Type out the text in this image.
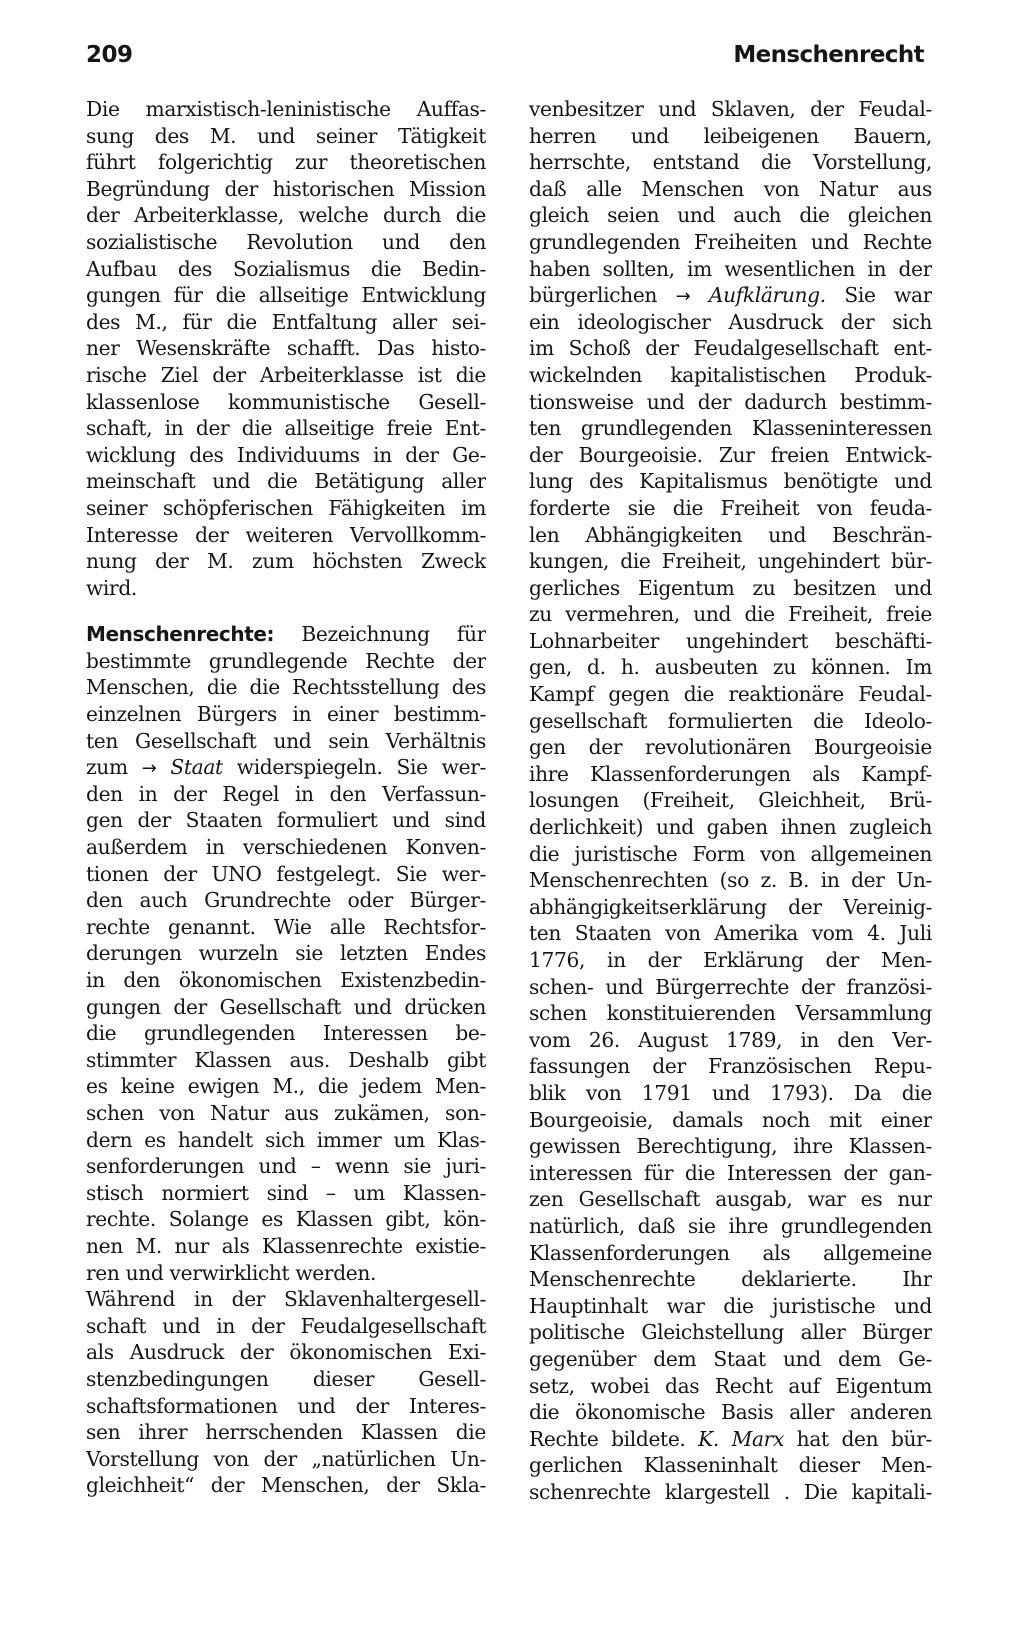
209	Menschenrecht
Die marxistisch-leninistische Auffas-
sung des M. und seiner Tätigkeit
führt folgerichtig zur theoretischen
Begründung der historischen Mission
der Arbeiterklasse, welche durch die
sozialistische Revolution und den
Aufbau des Sozialismus die Bedin-
gungen für die allseitige Entwicklung
des M., für die Entfaltung aller sei-
ner Wesenskräfte schafft. Das histo-
rische Ziel der Arbeiterklasse ist die
klassenlose kommunistische Gesell-
schaft, in der die allseitige freie Ent-
wicklung des Individuums in der Ge-
meinschaft und die Betätigung aller
seiner schöpferischen Fähigkeiten im
Interesse der weiteren Vervollkomm-
nung der M. zum höchsten Zweck
wird.
Menschenrechte: Bezeichnung für
bestimmte grundlegende Rechte der
Menschen, die die Rechtsstellung des
einzelnen Bürgers in einer bestimm-
ten Gesellschaft und sein Verhältnis
zum → Staat widerspiegeln. Sie wer-
den in der Regel in den Verfassun-
gen der Staaten formuliert und sind
außerdem in verschiedenen Konven-
tionen der UNO festgelegt. Sie wer-
den auch Grundrechte oder Bürger-
rechte genannt. Wie alle Rechtsfor-
derungen wurzeln sie letzten Endes
in den ökonomischen Existenzbedin-
gungen der Gesellschaft und drücken
die grundlegenden Interessen be-
stimmter Klassen aus. Deshalb gibt
es keine ewigen M., die jedem Men-
schen von Natur aus zukämen, son-
dern es handelt sich immer um Klas-
senforderungen und – wenn sie juri-
stisch normiert sind – um Klassen-
rechte. Solange es Klassen gibt, kön-
nen M. nur als Klassenrechte existie-
ren und verwirklicht werden.
Während in der Sklavenhaltergesell-
schaft und in der Feudalgesellschaft
als Ausdruck der ökonomischen Exi-
stenzbedingungen dieser Gesell-
schaftsformationen und der Interes-
sen ihrer herrschenden Klassen die
Vorstellung von der „natürlichen Un-
gleichheit“ der Menschen, der Skla-
venbesitzer und Sklaven, der Feudal-
herren und leibeigenen Bauern,
herrschte, entstand die Vorstellung,
daß alle Menschen von Natur aus
gleich seien und auch die gleichen
grundlegenden Freiheiten und Rechte
haben sollten, im wesentlichen in der
bürgerlichen → Aufklärung. Sie war
ein ideologischer Ausdruck der sich
im Schoß der Feudalgesellschaft ent-
wickelnden kapitalistischen Produk-
tionsweise und der dadurch bestimm-
ten grundlegenden Klasseninteressen
der Bourgeoisie. Zur freien Entwick-
lung des Kapitalismus benötigte und
forderte sie die Freiheit von feuda-
len Abhängigkeiten und Beschrän-
kungen, die Freiheit, ungehindert bür-
gerliches Eigentum zu besitzen und
zu vermehren, und die Freiheit, freie
Lohnarbeiter ungehindert beschäfti-
gen, d. h. ausbeuten zu können. Im
Kampf gegen die reaktionäre Feudal-
gesellschaft formulierten die Ideolo-
gen der revolutionären Bourgeoisie
ihre Klassenforderungen als Kampf-
losungen (Freiheit, Gleichheit, Brü-
derlichkeit) und gaben ihnen zugleich
die juristische Form von allgemeinen
Menschenrechten (so z. B. in der Un-
abhängigkeitserklärung der Vereinig-
ten Staaten von Amerika vom 4. Juli
1776, in der Erklärung der Men-
schen- und Bürgerrechte der französi-
schen konstituierenden Versammlung
vom 26. August 1789, in den Ver-
fassungen der Französischen Repu-
blik von 1791 und 1793). Da die
Bourgeoisie, damals noch mit einer
gewissen Berechtigung, ihre Klassen-
interessen für die Interessen der gan-
zen Gesellschaft ausgab, war es nur
natürlich, daß sie ihre grundlegenden
Klassenforderungen als allgemeine
Menschenrechte deklarierte. Ihr
Hauptinhalt war die juristische und
politische Gleichstellung aller Bürger
gegenüber dem Staat und dem Ge-
setz, wobei das Recht auf Eigentum
die ökonomische Basis aller anderen
Rechte bildete. K. Marx hat den bür-
gerlichen Klasseninhalt dieser Men-
schenrechte klargestell . Die kapitali-
